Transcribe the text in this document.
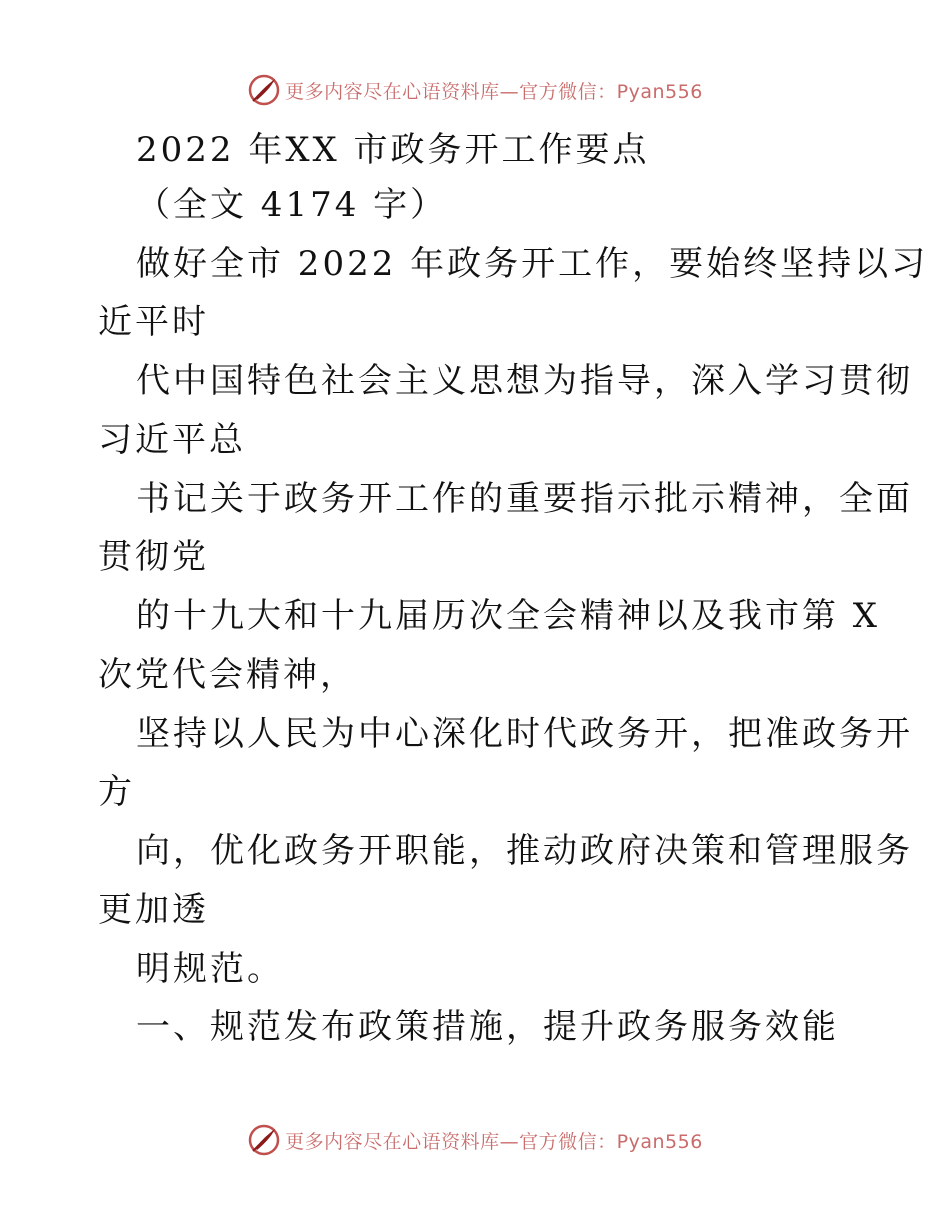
更多内容尽在心语资料库—官方微信：Pyan556
2022 年XX 市政务开工作要点
（全文 4174 字）
做好全市 2022 年政务开工作，要始终坚持以习
近平时
代中国特色社会主义思想为指导，深入学习贯彻
习近平总
书记关于政务开工作的重要指示批示精神，全面
贯彻党
的十九大和十九届历次全会精神以及我市第 X
次党代会精神，
坚持以人民为中心深化时代政务开，把准政务开
方
向，优化政务开职能，推动政府决策和管理服务
更加透
明规范。
一、规范发布政策措施，提升政务服务效能
更多内容尽在心语资料库—官方微信：Pyan556
